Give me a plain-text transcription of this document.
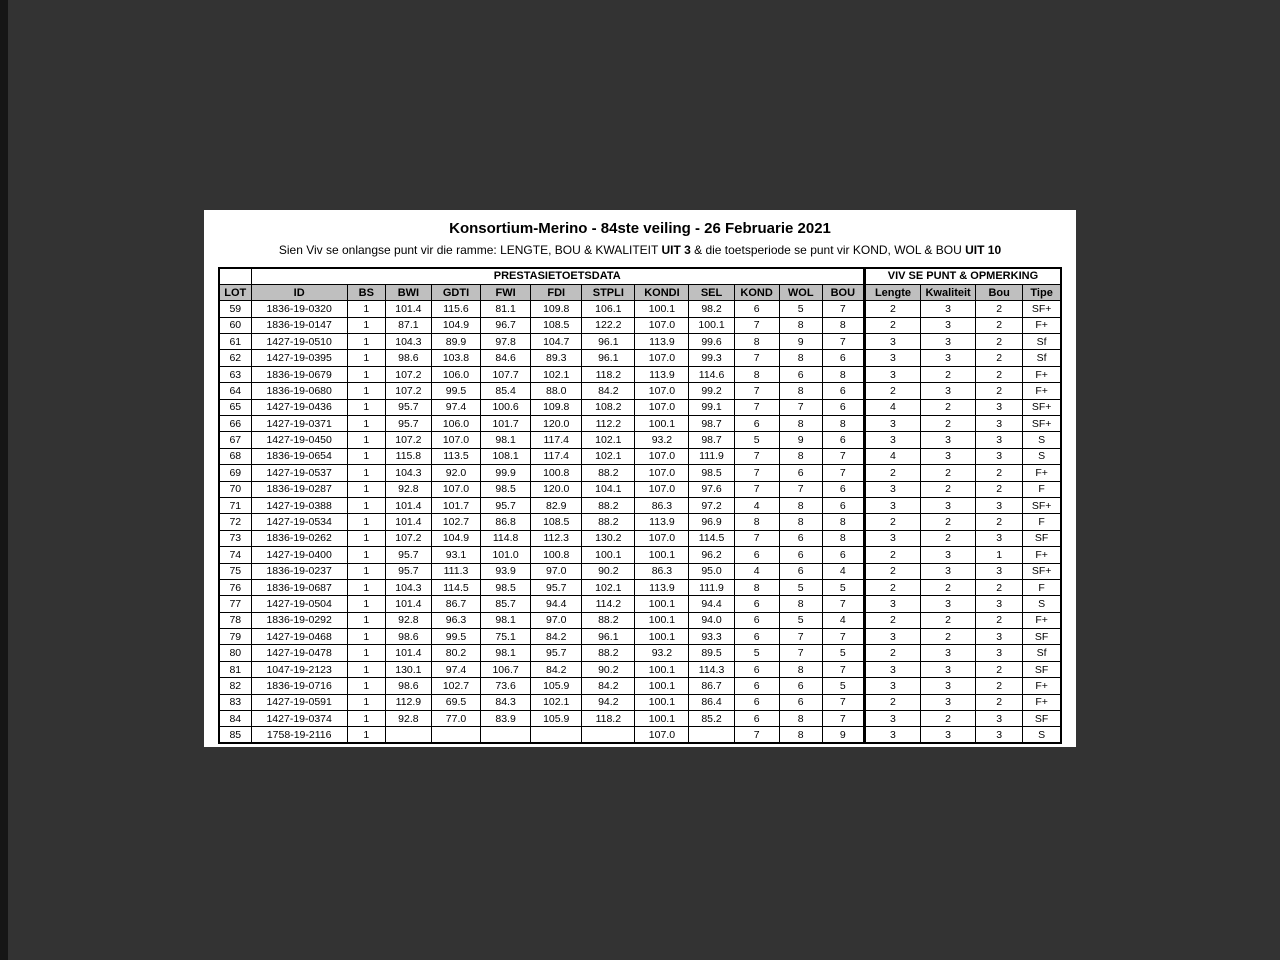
Konsortium-Merino - 84ste veiling - 26 Februarie 2021
Sien Viv se onlangse punt vir die ramme: LENGTE, BOU & KWALITEIT UIT 3 & die toetsperiode se punt vir KOND, WOL & BOU UIT 10
	PRESTASIETOETSDATA												VIV SE PUNT & OPMERKING			
LOT	ID	BS	BWI	GDTI	FWI	FDI	STPLI	KONDI	SEL	KOND	WOL	BOU	Lengte	Kwaliteit	Bou	Tipe
59	1836-19-0320	1	101.4	115.6	81.1	109.8	106.1	100.1	98.2	6	5	7	2	3	2	SF+
60	1836-19-0147	1	87.1	104.9	96.7	108.5	122.2	107.0	100.1	7	8	8	2	3	2	F+
61	1427-19-0510	1	104.3	89.9	97.8	104.7	96.1	113.9	99.6	8	9	7	3	3	2	Sf
62	1427-19-0395	1	98.6	103.8	84.6	89.3	96.1	107.0	99.3	7	8	6	3	3	2	Sf
63	1836-19-0679	1	107.2	106.0	107.7	102.1	118.2	113.9	114.6	8	6	8	3	2	2	F+
64	1836-19-0680	1	107.2	99.5	85.4	88.0	84.2	107.0	99.2	7	8	6	2	3	2	F+
65	1427-19-0436	1	95.7	97.4	100.6	109.8	108.2	107.0	99.1	7	7	6	4	2	3	SF+
66	1427-19-0371	1	95.7	106.0	101.7	120.0	112.2	100.1	98.7	6	8	8	3	2	3	SF+
67	1427-19-0450	1	107.2	107.0	98.1	117.4	102.1	93.2	98.7	5	9	6	3	3	3	S
68	1836-19-0654	1	115.8	113.5	108.1	117.4	102.1	107.0	111.9	7	8	7	4	3	3	S
69	1427-19-0537	1	104.3	92.0	99.9	100.8	88.2	107.0	98.5	7	6	7	2	2	2	F+
70	1836-19-0287	1	92.8	107.0	98.5	120.0	104.1	107.0	97.6	7	7	6	3	2	2	F
71	1427-19-0388	1	101.4	101.7	95.7	82.9	88.2	86.3	97.2	4	8	6	3	3	3	SF+
72	1427-19-0534	1	101.4	102.7	86.8	108.5	88.2	113.9	96.9	8	8	8	2	2	2	F
73	1836-19-0262	1	107.2	104.9	114.8	112.3	130.2	107.0	114.5	7	6	8	3	2	3	SF
74	1427-19-0400	1	95.7	93.1	101.0	100.8	100.1	100.1	96.2	6	6	6	2	3	1	F+
75	1836-19-0237	1	95.7	111.3	93.9	97.0	90.2	86.3	95.0	4	6	4	2	3	3	SF+
76	1836-19-0687	1	104.3	114.5	98.5	95.7	102.1	113.9	111.9	8	5	5	2	2	2	F
77	1427-19-0504	1	101.4	86.7	85.7	94.4	114.2	100.1	94.4	6	8	7	3	3	3	S
78	1836-19-0292	1	92.8	96.3	98.1	97.0	88.2	100.1	94.0	6	5	4	2	2	2	F+
79	1427-19-0468	1	98.6	99.5	75.1	84.2	96.1	100.1	93.3	6	7	7	3	2	3	SF
80	1427-19-0478	1	101.4	80.2	98.1	95.7	88.2	93.2	89.5	5	7	5	2	3	3	Sf
81	1047-19-2123	1	130.1	97.4	106.7	84.2	90.2	100.1	114.3	6	8	7	3	3	2	SF
82	1836-19-0716	1	98.6	102.7	73.6	105.9	84.2	100.1	86.7	6	6	5	3	3	2	F+
83	1427-19-0591	1	112.9	69.5	84.3	102.1	94.2	100.1	86.4	6	6	7	2	3	2	F+
84	1427-19-0374	1	92.8	77.0	83.9	105.9	118.2	100.1	85.2	6	8	7	3	2	3	SF
85	1758-19-2116	1						107.0		7	8	9	3	3	3	S
